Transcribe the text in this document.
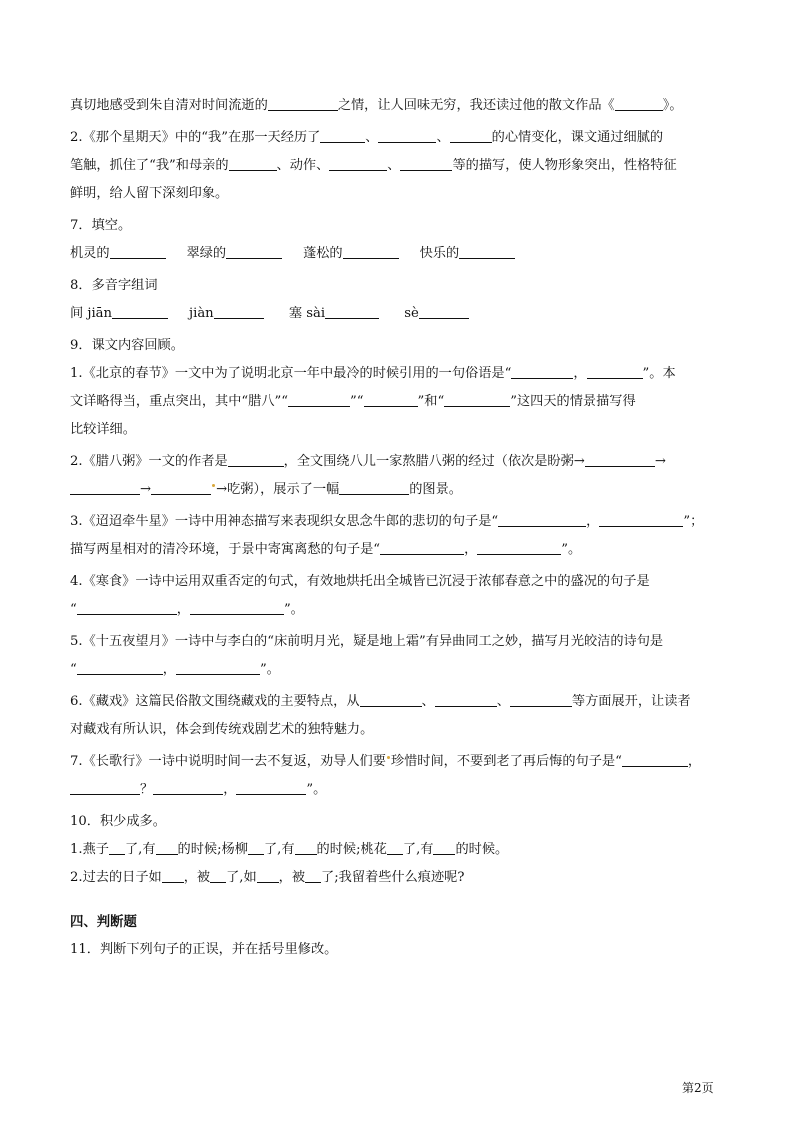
真切地感受到朱自清对时间流逝的	之情，让人回味无穷，我还读过他的散文作品《	》。

2.《那个星期天》中的“我”在那一天经历了	、	、	的心情变化，课文通过细腻的

笔触，抓住了“我”和母亲的	、动作、	、	等的描写，使人物形象突出，性格特征

鲜明，给人留下深刻印象。

7．填空。

机灵的	翠绿的	蓬松的	快乐的

8．多音字组词

间 jiān	jiàn	塞 sài	sè

9．课文内容回顾。

1.《北京的春节》一文中为了说明北京一年中最冷的时候引用的一句俗语是“	，	”。本

文详略得当，重点突出，其中“腊八”“	”“	”和“	”这四天的情景描写得

比较详细。

2.《腊八粥》一文的作者是	，全文围绕八儿一家熬腊八粥的经过（依次是盼粥→	→

→	→吃粥），展示了一幅	的图景。

3.《迢迢牵牛星》一诗中用神态描写来表现织女思念牛郎的悲切的句子是“	，	”；

描写两星相对的清冷环境，于景中寄寓离愁的句子是“	，	”。

4.《寒食》一诗中运用双重否定的句式，有效地烘托出全城皆已沉浸于浓郁春意之中的盛况的句子是

“	，	”。

5.《十五夜望月》一诗中与李白的“床前明月光，疑是地上霜”有异曲同工之妙，描写月光皎洁的诗句是

“	，	”。

6.《藏戏》这篇民俗散文围绕藏戏的主要特点，从	、	、	等方面展开，让读者

对藏戏有所认识，体会到传统戏剧艺术的独特魅力。

7.《长歌行》一诗中说明时间一去不复返，劝导人们要 珍惜时间，不要到老了再后悔的句子是“	，

？	，	”。

10．积少成多。

1.燕子 了,有 的时候;杨柳 了,有 的时候;桃花 了,有 的时候。

2.过去的日子如 ，被 了,如 ，被 了;我留着些什么痕迹呢?

四、判断题

11．判断下列句子的正误，并在括号里修改。

第2页
